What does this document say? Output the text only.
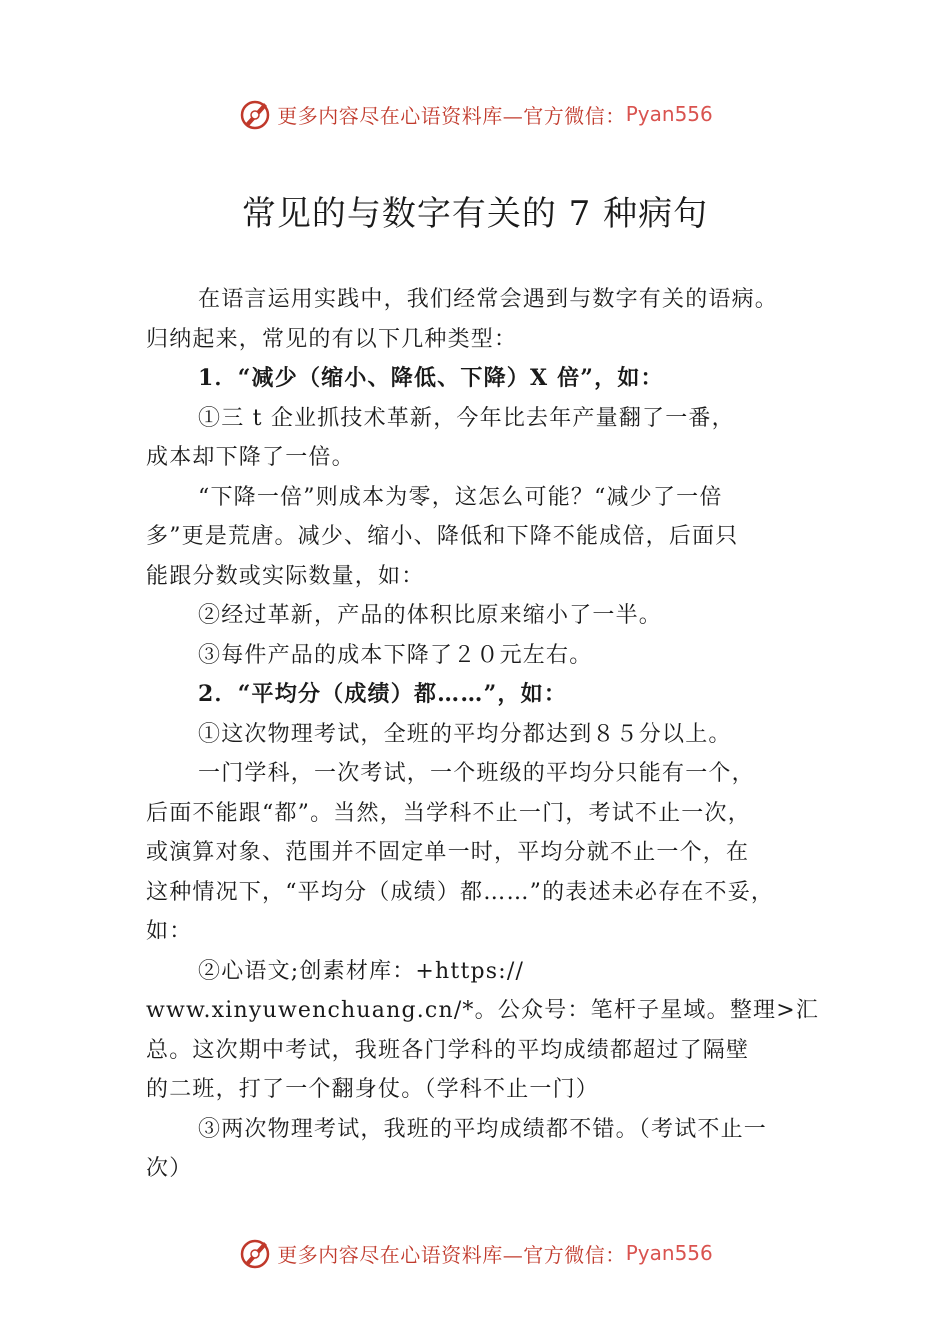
更多内容尽在心语资料库—官方微信： Pyan556
常见的与数字有关的 7 种病句

在语言运用实践中，我们经常会遇到与数字有关的语病。

归纳起来，常见的有以下几种类型：

1．“减少（缩小、降低、下降）X 倍”，如：

①三 t 企业抓技术革新，今年比去年产量翻了一番，

成本却下降了一倍。

“下降一倍”则成本为零，这怎么可能？“减少了一倍

多”更是荒唐。减少、缩小、降低和下降不能成倍，后面只

能跟分数或实际数量，如：

②经过革新，产品的体积比原来缩小了一半。

③每件产品的成本下降了２０元左右。

2．“平均分（成绩）都……”，如：

①这次物理考试，全班的平均分都达到８５分以上。

一门学科，一次考试，一个班级的平均分只能有一个，

后面不能跟“都”。当然，当学科不止一门，考试不止一次，

或演算对象、范围并不固定单一时，平均分就不止一个，在

这种情况下，“平均分（成绩）都……”的表述未必存在不妥，

如：

②心语文;创素材库：+https://

www.xinyuwenchuang.cn/*。公众号：笔杆子星域。整理>汇

总。这次期中考试，我班各门学科的平均成绩都超过了隔壁

的二班，打了一个翻身仗。（学科不止一门）

③两次物理考试，我班的平均成绩都不错。（考试不止一

次）

更多内容尽在心语资料库—官方微信： Pyan556
